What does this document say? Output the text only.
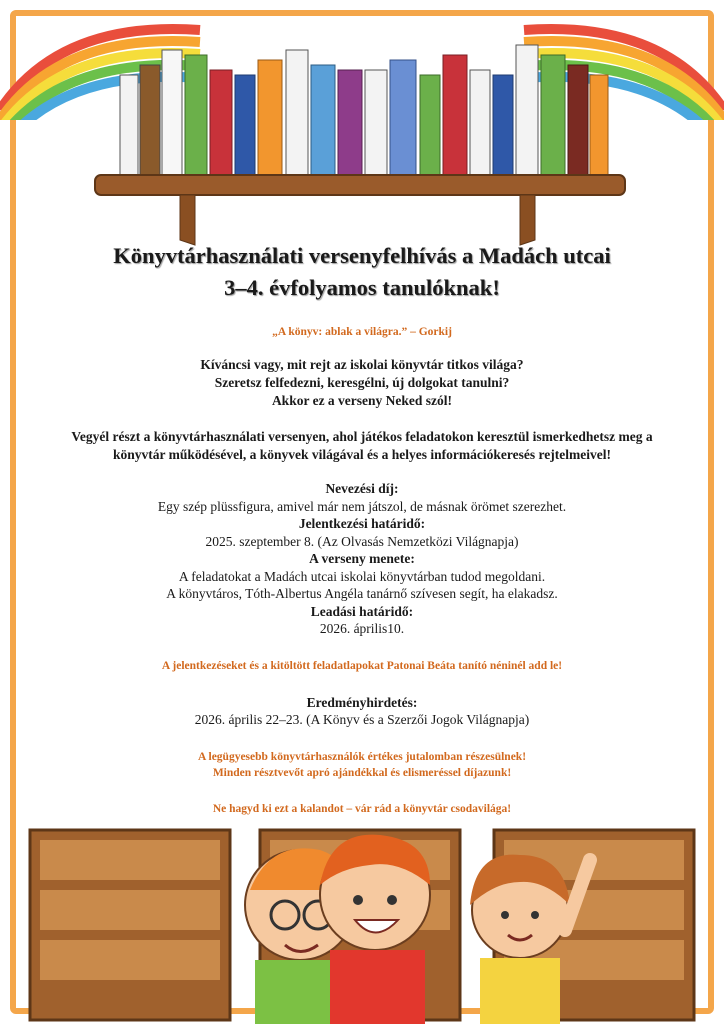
Könyvtárhasználati versenyfelhívás a Madách utcai
3–4. évfolyamos tanulóknak!
„A könyv: ablak a világra.” – Gorkij
Kíváncsi vagy, mit rejt az iskolai könyvtár titkos világa?
Szeretsz felfedezni, keresgélni, új dolgokat tanulni?
Akkor ez a verseny Neked szól!
Vegyél részt a könyvtárhasználati versenyen, ahol játékos feladatokon keresztül ismerkedhetsz meg a
könyvtár működésével, a könyvek világával és a helyes információkeresés rejtelmeivel!
Nevezési díj:
Egy szép plüssfigura, amivel már nem játszol, de másnak örömet szerezhet.
Jelentkezési határidő:
2025. szeptember 8. (Az Olvasás Nemzetközi Világnapja)
A verseny menete:
A feladatokat a Madách utcai iskolai könyvtárban tudod megoldani.
A könyvtáros, Tóth-Albertus Angéla tanárnő szívesen segít, ha elakadsz.
Leadási határidő:
2026. április10.
A jelentkezéseket és a kitöltött feladatlapokat Patonai Beáta tanító néninél add le!
Eredményhirdetés:
2026. április 22–23. (A Könyv és a Szerzői Jogok Világnapja)
A legügyesebb könyvtárhasználók értékes jutalomban részesülnek!
Minden résztvevőt apró ajándékkal és elismeréssel díjazunk!
Ne hagyd ki ezt a kalandot – vár rád a könyvtár csodavilága!
